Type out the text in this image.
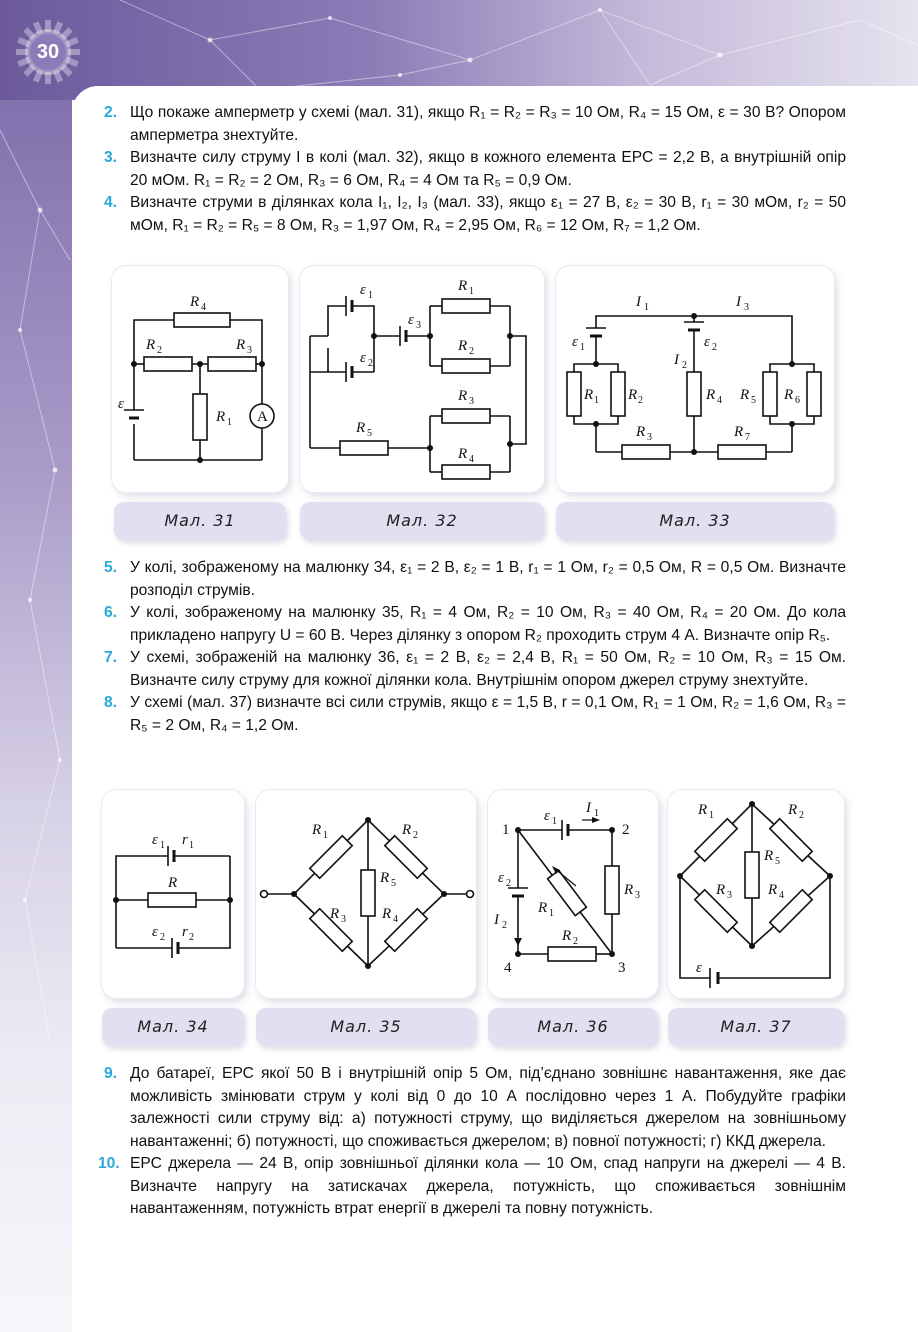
30
2. Що покаже амперметр у схемі (мал. 31), якщо R₁ = R₂ = R₃ = 10 Ом, R₄ = 15 Ом, ε = 30 В? Опором амперметра знехтуйте.
3. Визначте силу струму I в колі (мал. 32), якщо в кожного елемента ЕРС = 2,2 В, а внутрішній опір 20 мОм. R₁ = R₂ = 2 Ом, R₃ = 6 Ом, R₄ = 4 Ом та R₅ = 0,9 Ом.
4. Визначте струми в ділянках кола I₁, I₂, I₃ (мал. 33), якщо ε₁ = 27 В, ε₂ = 30 В, r₁ = 30 мОм, r₂ = 50 мОм, R₁ = R₂ = R₅ = 8 Ом, R₃ = 1,97 Ом, R₄ = 2,95 Ом, R₆ = 12 Ом, R₇ = 1,2 Ом.
R 4
R 2	R 3
R 1
ε
A
Мал. 31
ε 1
ε 2
ε 3
R 1
R 2
R 3
R 4
R 5
Мал. 32
I 1	I 3
I 2
ε 1	ε 2
R 1 R 2
R 3
R 4 R 5 R 6
R 7
Мал. 33
5. У колі, зображеному на малюнку 34, ε₁ = 2 В, ε₂ = 1 В, r₁ = 1 Ом, r₂ = 0,5 Ом, R = 0,5 Ом. Визначте розподіл струмів.
6. У колі, зображеному на малюнку 35, R₁ = 4 Ом, R₂ = 10 Ом, R₃ = 40 Ом, R₄ = 20 Ом. До кола прикладено напругу U = 60 В. Через ділянку з опором R₂ проходить струм 4 А. Визначте опір R₅.
7. У схемі, зображеній на малюнку 36, ε₁ = 2 В, ε₂ = 2,4 В, R₁ = 50 Ом, R₂ = 10 Ом, R₃ = 15 Ом. Визначте силу струму для кожної ділянки кола. Внутрішнім опором джерел струму знехтуйте.
8. У схемі (мал. 37) визначте всі сили струмів, якщо ε = 1,5 В, r = 0,1 Ом, R₁ = 1 Ом, R₂ = 1,6 Ом, R₃ = R₅ = 2 Ом, R₄ = 1,2 Ом.
ε 1 r 1
R
ε 2 r 2
Мал. 34
R 1	R 2
R 3
R 5
R 4
Мал. 35
1	2
3
4
ε 1
I 1
ε 2
I 2
R 1
R 2
R 3
Мал. 36
R 1	R 2
R 5
R 3 R 4
ε
Мал. 37
9. До батареї, ЕРС якої 50 В і внутрішній опір 5 Ом, під’єднано зовнішнє навантаження, яке дає можливість змінювати струм у колі від 0 до 10 А послідовно через 1 А. Побудуйте графіки залежності сили струму від: а) потужності струму, що виділяється джерелом на зовнішньому навантаженні; б) потужності, що споживається джерелом; в) повної потужності; г) ККД джерела.
10. ЕРС джерела — 24 В, опір зовнішньої ділянки кола — 10 Ом, спад напруги на джерелі — 4 В. Визначте напругу на затискачах джерела, потужність, що споживається зовнішнім навантаженням, потужність втрат енергії в джерелі та повну потужність.
